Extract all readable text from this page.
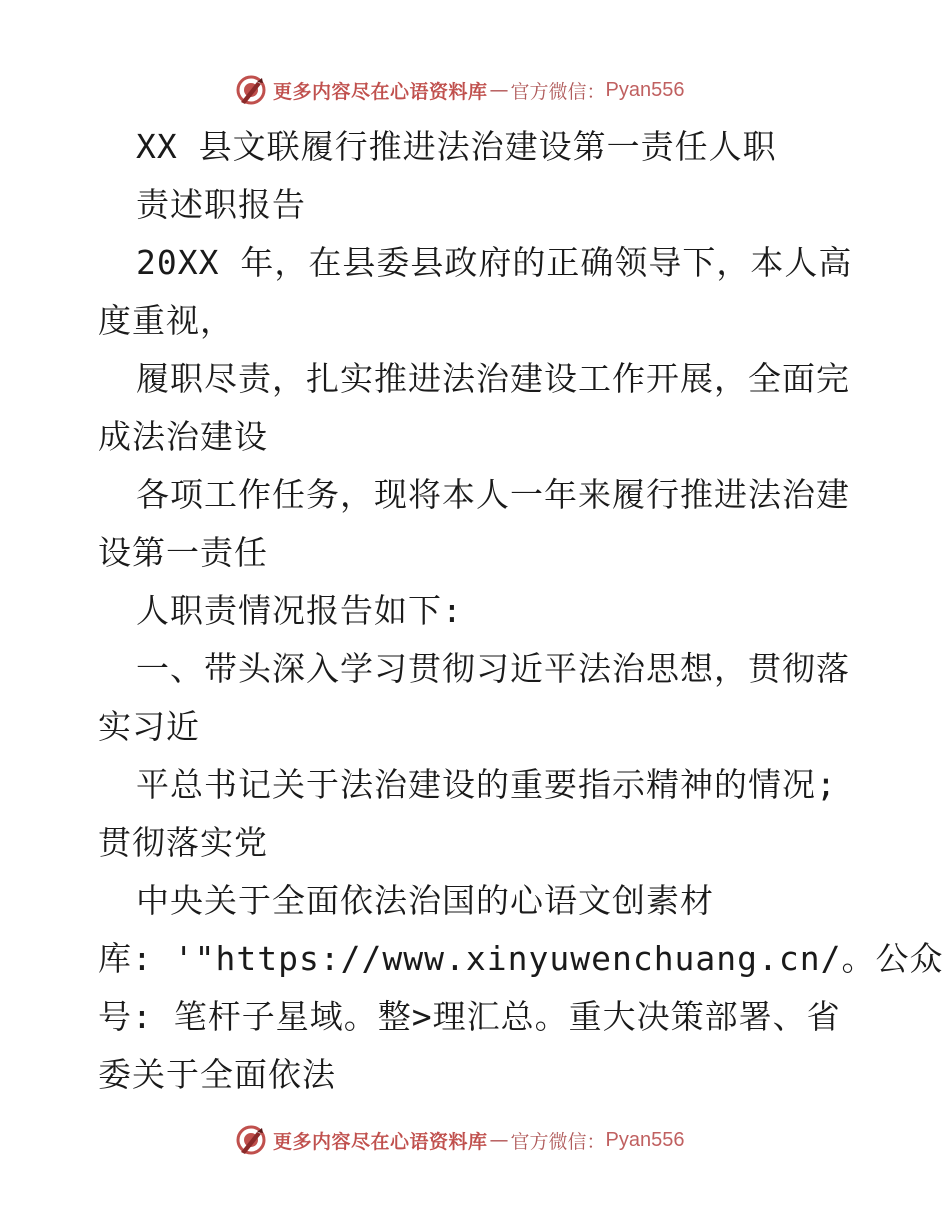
更多内容尽在心语资料库 — 官方微信： Pyan556
XX 县文联履行推进法治建设第一责任人职
责述职报告
20XX 年，在县委县政府的正确领导下，本人高
度重视，
履职尽责，扎实推进法治建设工作开展，全面完
成法治建设
各项工作任务，现将本人一年来履行推进法治建
设第一责任
人职责情况报告如下:
一、带头深入学习贯彻习近平法治思想，贯彻落
实习近
平总书记关于法治建设的重要指示精神的情况;
贯彻落实党
中央关于全面依法治国的心语文创素材
库: '"https://www.xinyuwenchuang.cn/。公众
号: 笔杆子星域。整>理汇总。重大决策部署、省
委关于全面依法
更多内容尽在心语资料库 — 官方微信： Pyan556
